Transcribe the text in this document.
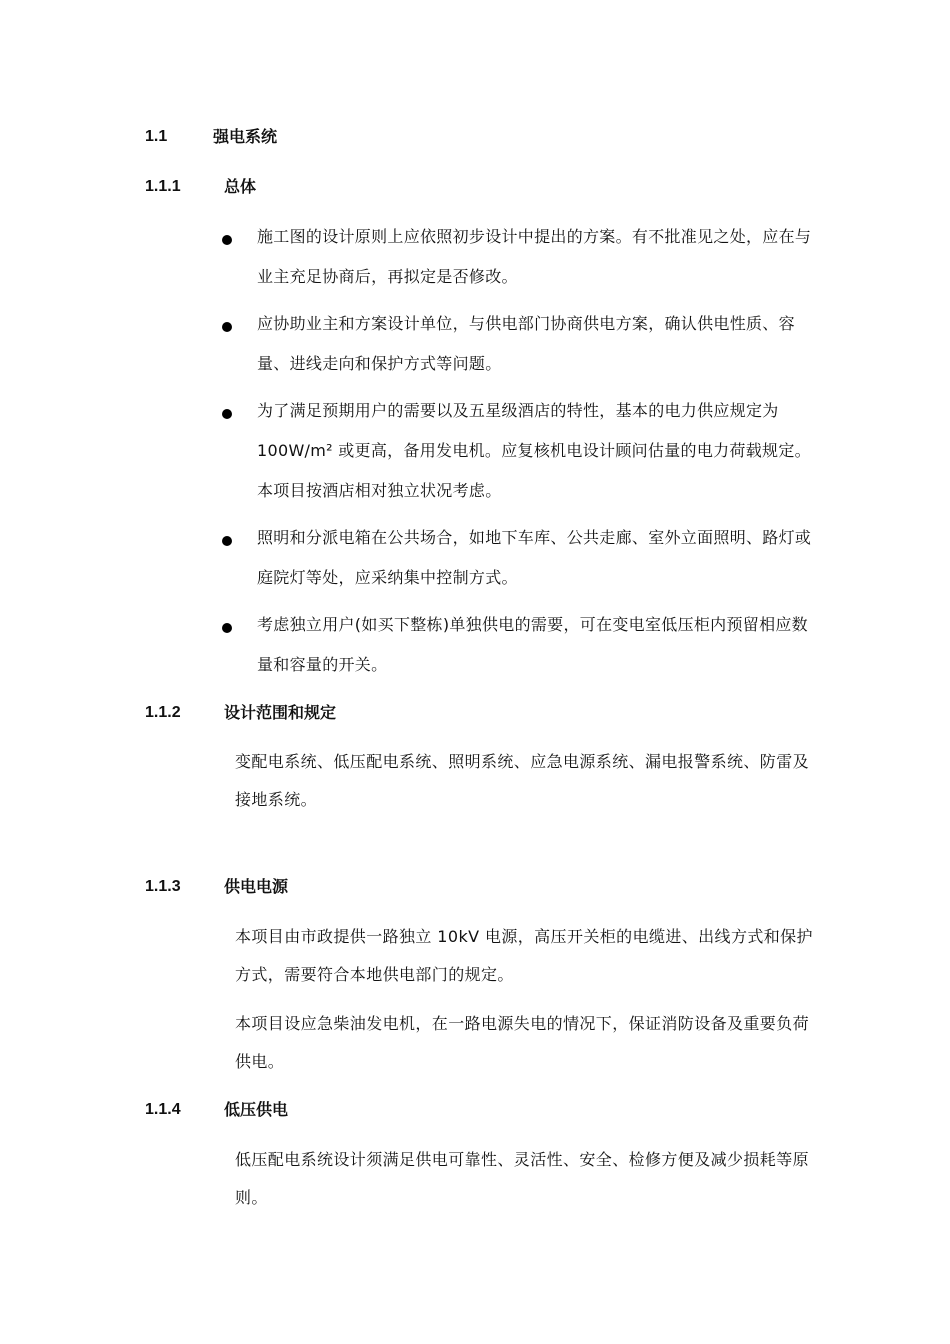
1.1	强电系统
1.1.1	总体
施工图的设计原则上应依照初步设计中提出的方案。有不批准见之处，应在与业主充足协商后，再拟定是否修改。
应协助业主和方案设计单位，与供电部门协商供电方案，确认供电性质、容量、进线走向和保护方式等问题。
为了满足预期用户的需要以及五星级酒店的特性，基本的电力供应规定为 100W/m² 或更高，备用发电机。应复核机电设计顾问估量的电力荷载规定。本项目按酒店相对独立状况考虑。
照明和分派电箱在公共场合，如地下车库、公共走廊、室外立面照明、路灯或庭院灯等处，应采纳集中控制方式。
考虑独立用户(如买下整栋)单独供电的需要，可在变电室低压柜内预留相应数量和容量的开关。
1.1.2	设计范围和规定
变配电系统、低压配电系统、照明系统、应急电源系统、漏电报警系统、防雷及接地系统。
1.1.3	供电电源
本项目由市政提供一路独立 10kV 电源，高压开关柜的电缆进、出线方式和保护方式，需要符合本地供电部门的规定。
本项目设应急柴油发电机，在一路电源失电的情况下，保证消防设备及重要负荷供电。
1.1.4	低压供电
低压配电系统设计须满足供电可靠性、灵活性、安全、检修方便及减少损耗等原则。
